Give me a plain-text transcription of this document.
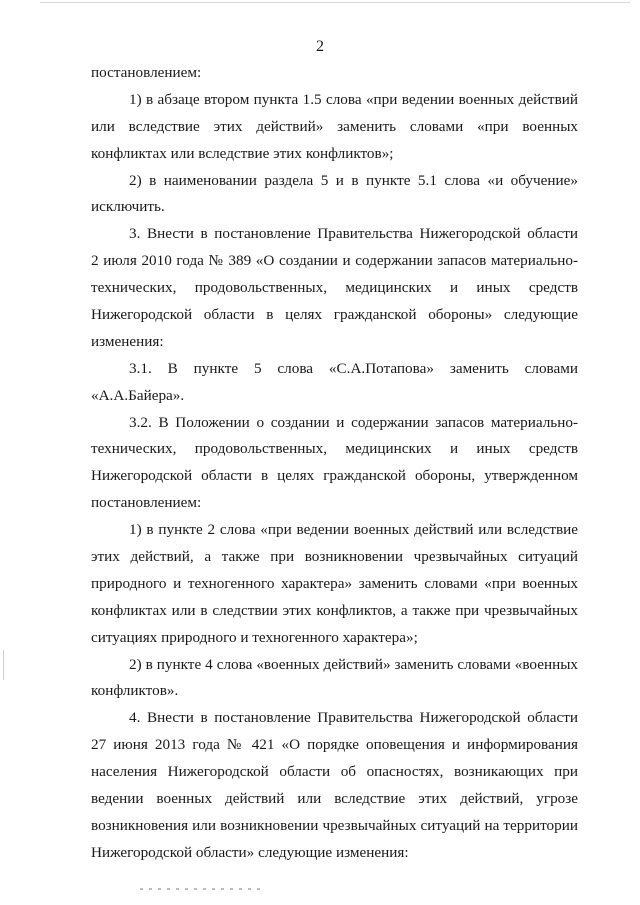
2
постановлением:
1) в абзаце втором пункта 1.5 слова «при ведении военных действий
или вследствие этих действий» заменить словами «при военных
конфликтах или вследствие этих конфликтов»;
2) в наименовании раздела 5 и в пункте 5.1 слова «и обучение»
исключить.
3. Внести в постановление Правительства Нижегородской области
2 июля 2010 года № 389 «О создании и содержании запасов материально-
технических, продовольственных, медицинских и иных средств
Нижегородской области в целях гражданской обороны» следующие
изменения:
3.1. В пункте 5 слова «С.А.Потапова» заменить словами
«А.А.Байера».
3.2. В Положении о создании и содержании запасов материально-
технических, продовольственных, медицинских и иных средств
Нижегородской области в целях гражданской обороны, утвержденном
постановлением:
1) в пункте 2 слова «при ведении военных действий или вследствие
этих действий, а также при возникновении чрезвычайных ситуаций
природного и техногенного характера» заменить словами «при военных
конфликтах или в следствии этих конфликтов, а также при чрезвычайных
ситуациях природного и техногенного характера»;
2) в пункте 4 слова «военных действий» заменить словами «военных
конфликтов».
4. Внести в постановление Правительства Нижегородской области
27 июня 2013 года № 421 «О порядке оповещения и информирования
населения Нижегородской области об опасностях, возникающих при
ведении военных действий или вследствие этих действий, угрозе
возникновения или возникновении чрезвычайных ситуаций на территории
Нижегородской области» следующие изменения:
